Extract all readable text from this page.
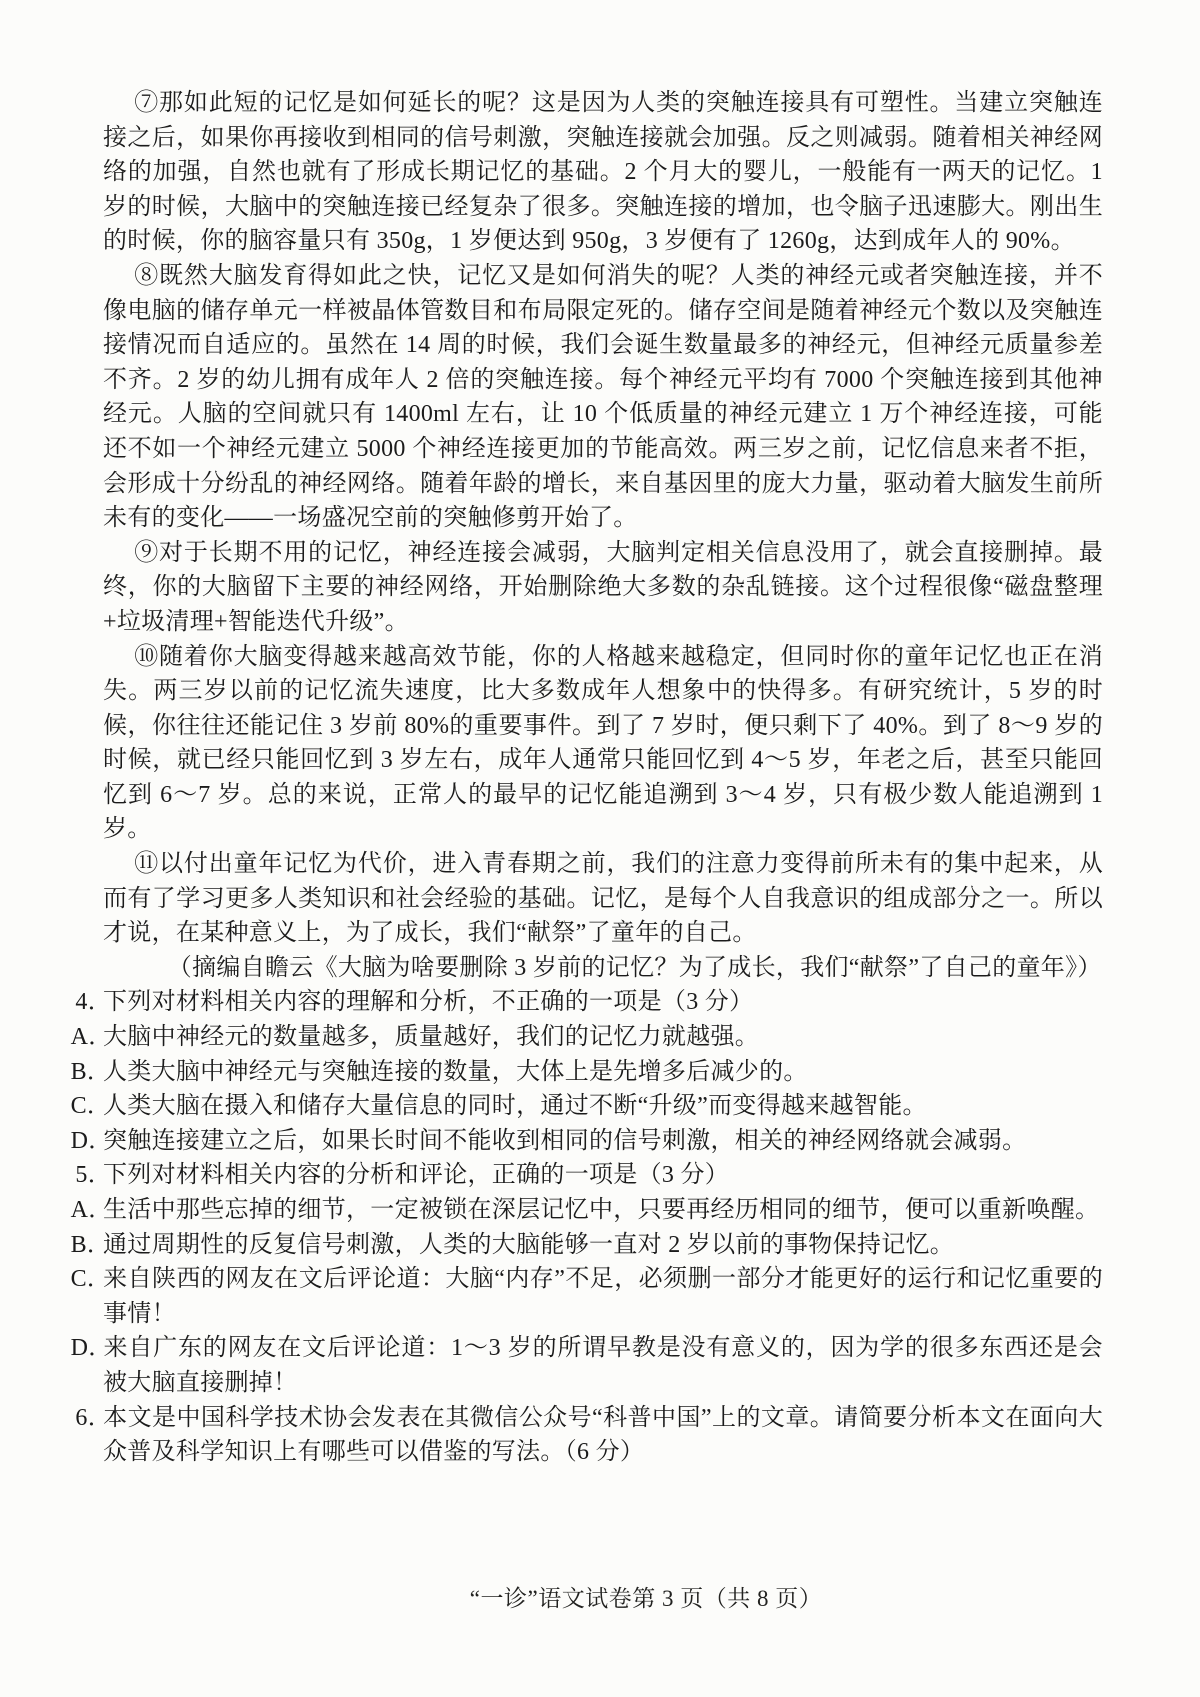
⑦那如此短的记忆是如何延长的呢？这是因为人类的突触连接具有可塑性。当建立突触连接之后，如果你再接收到相同的信号刺激，突触连接就会加强。反之则减弱。随着相关神经网络的加强，自然也就有了形成长期记忆的基础。2 个月大的婴儿，一般能有一两天的记忆。1 岁的时候，大脑中的突触连接已经复杂了很多。突触连接的增加，也令脑子迅速膨大。刚出生的时候，你的脑容量只有 350g，1 岁便达到 950g，3 岁便有了 1260g，达到成年人的 90%。

⑧既然大脑发育得如此之快，记忆又是如何消失的呢？人类的神经元或者突触连接，并不像电脑的储存单元一样被晶体管数目和布局限定死的。储存空间是随着神经元个数以及突触连接情况而自适应的。虽然在 14 周的时候，我们会诞生数量最多的神经元，但神经元质量参差不齐。2 岁的幼儿拥有成年人 2 倍的突触连接。每个神经元平均有 7000 个突触连接到其他神经元。人脑的空间就只有 1400ml 左右，让 10 个低质量的神经元建立 1 万个神经连接，可能还不如一个神经元建立 5000 个神经连接更加的节能高效。两三岁之前，记忆信息来者不拒，会形成十分纷乱的神经网络。随着年龄的增长，来自基因里的庞大力量，驱动着大脑发生前所未有的变化——一场盛况空前的突触修剪开始了。

⑨对于长期不用的记忆，神经连接会减弱，大脑判定相关信息没用了，就会直接删掉。最终，你的大脑留下主要的神经网络，开始删除绝大多数的杂乱链接。这个过程很像“磁盘整理+垃圾清理+智能迭代升级”。

⑩随着你大脑变得越来越高效节能，你的人格越来越稳定，但同时你的童年记忆也正在消失。两三岁以前的记忆流失速度，比大多数成年人想象中的快得多。有研究统计，5 岁的时候，你往往还能记住 3 岁前 80%的重要事件。到了 7 岁时，便只剩下了 40%。到了 8～9 岁的时候，就已经只能回忆到 3 岁左右，成年人通常只能回忆到 4～5 岁，年老之后，甚至只能回忆到 6～7 岁。总的来说，正常人的最早的记忆能追溯到 3～4 岁，只有极少数人能追溯到 1 岁。

⑪以付出童年记忆为代价，进入青春期之前，我们的注意力变得前所未有的集中起来，从而有了学习更多人类知识和社会经验的基础。记忆，是每个人自我意识的组成部分之一。所以才说，在某种意义上，为了成长，我们“献祭”了童年的自己。

（摘编自瞻云《大脑为啥要删除 3 岁前的记忆？为了成长，我们“献祭”了自己的童年》）

4．下列对材料相关内容的理解和分析，不正确的一项是（3 分）

A．大脑中神经元的数量越多，质量越好，我们的记忆力就越强。

B．人类大脑中神经元与突触连接的数量，大体上是先增多后减少的。

C．人类大脑在摄入和储存大量信息的同时，通过不断“升级”而变得越来越智能。

D．突触连接建立之后，如果长时间不能收到相同的信号刺激，相关的神经网络就会减弱。

5．下列对材料相关内容的分析和评论，正确的一项是（3 分）

A．生活中那些忘掉的细节，一定被锁在深层记忆中，只要再经历相同的细节，便可以重新唤醒。

B．通过周期性的反复信号刺激，人类的大脑能够一直对 2 岁以前的事物保持记忆。

C．来自陕西的网友在文后评论道：大脑“内存”不足，必须删一部分才能更好的运行和记忆重要的事情！

D．来自广东的网友在文后评论道：1～3 岁的所谓早教是没有意义的，因为学的很多东西还是会被大脑直接删掉！

6．本文是中国科学技术协会发表在其微信公众号“科普中国”上的文章。请简要分析本文在面向大众普及科学知识上有哪些可以借鉴的写法。（6 分）

“一诊”语文试卷第 3 页（共 8 页）
